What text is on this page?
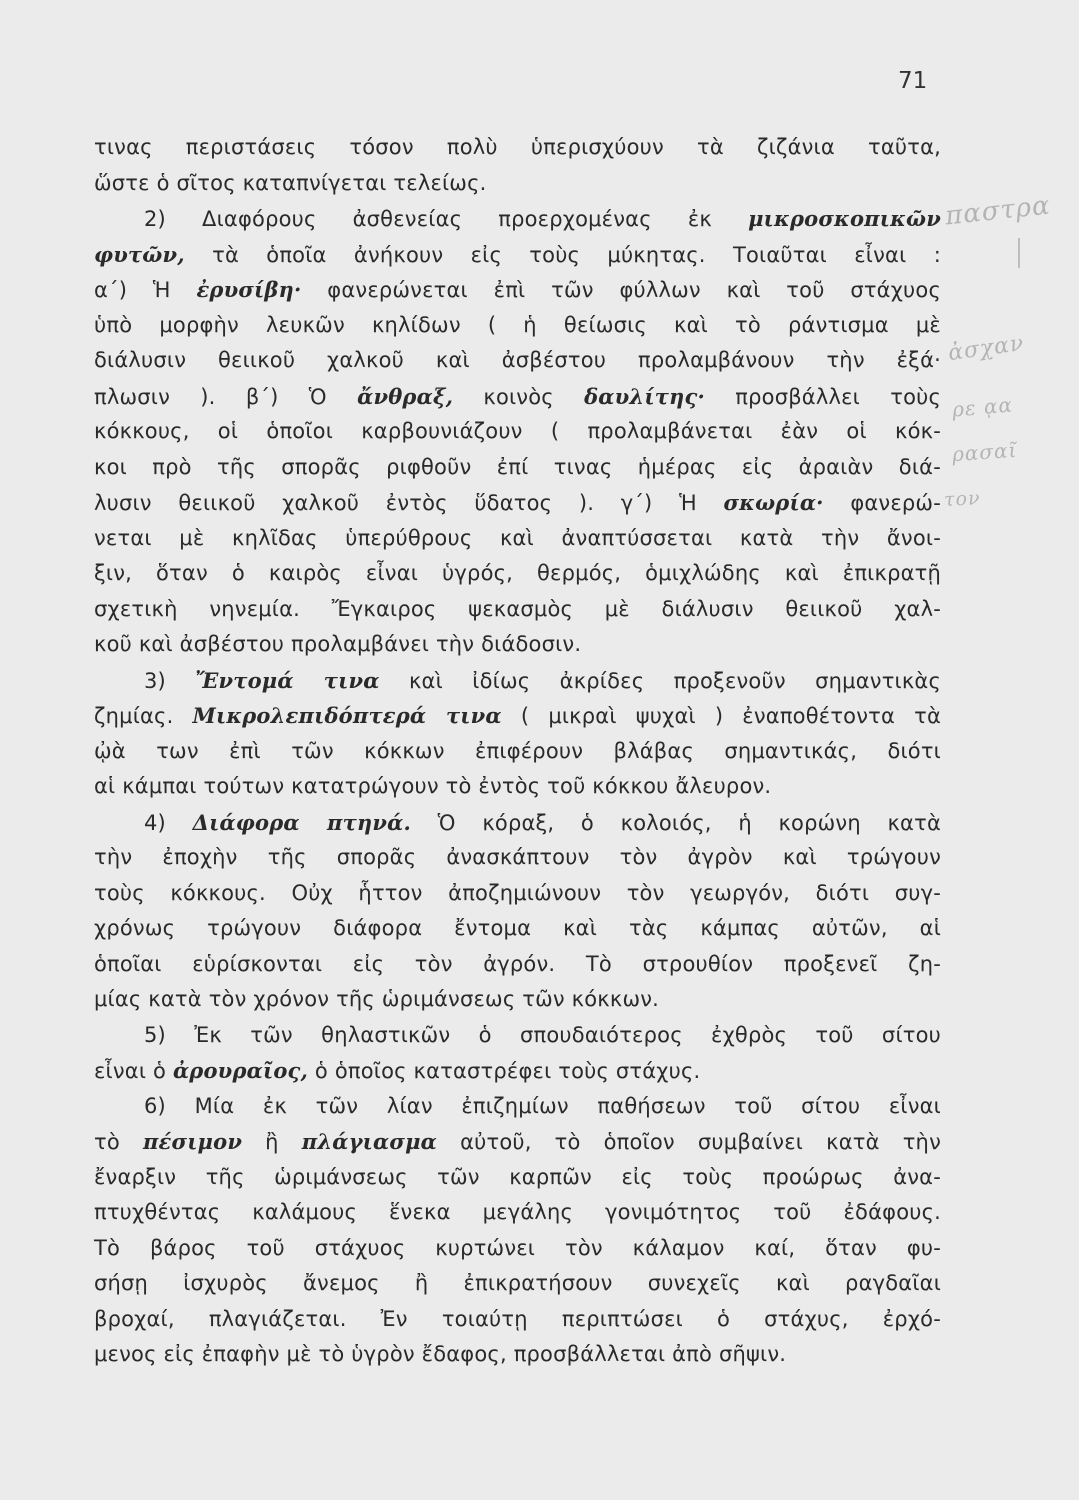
71
τινας περιστάσεις τόσον πολὺ ὑπερισχύουν τὰ ζιζάνια ταῦτα,
ὥστε ὁ σῖτος καταπνίγεται τελείως.
2) Διαφόρους ἀσθενείας προερχομένας ἐκ μικροσκοπικῶν
φυτῶν, τὰ ὁποῖα ἀνήκουν εἰς τοὺς μύκητας. Τοιαῦται εἶναι :
α΄) Ἡ ἐρυσίβη· φανερώνεται ἐπὶ τῶν φύλλων καὶ τοῦ στάχυος
ὑπὸ μορφὴν λευκῶν κηλίδων ( ἡ θείωσις καὶ τὸ ράντισμα μὲ
διάλυσιν θειικοῦ χαλκοῦ καὶ ἀσβέστου προλαμβάνουν τὴν ἐξά·
πλωσιν ). β΄) Ὁ ἄνθραξ, κοινὸς δαυλίτης· προσβάλλει τοὺς
κόκκους, οἱ ὁποῖοι καρβουνιάζουν ( προλαμβάνεται ἐὰν οἱ κόκ-
κοι πρὸ τῆς σπορᾶς ριφθοῦν ἐπί τινας ἡμέρας εἰς ἀραιὰν διά-
λυσιν θειικοῦ χαλκοῦ ἐντὸς ὕδατος ). γ΄) Ἡ σκωρία· φανερώ-
νεται μὲ κηλῖδας ὑπερύθρους καὶ ἀναπτύσσεται κατὰ τὴν ἄνοι-
ξιν, ὅταν ὁ καιρὸς εἶναι ὑγρός, θερμός, ὁμιχλώδης καὶ ἐπικρατῇ
σχετικὴ νηνεμία. Ἔγκαιρος ψεκασμὸς μὲ διάλυσιν θειικοῦ χαλ-
κοῦ καὶ ἀσβέστου προλαμβάνει τὴν διάδοσιν.
3) Ἔντομά τινα καὶ ἰδίως ἀκρίδες προξενοῦν σημαντικὰς
ζημίας. Μικρολεπιδόπτερά τινα ( μικραὶ ψυχαὶ ) ἐναποθέτοντα τὰ
ᾠὰ των ἐπὶ τῶν κόκκων ἐπιφέρουν βλάβας σημαντικάς, διότι
αἱ κάμπαι τούτων κατατρώγουν τὸ ἐντὸς τοῦ κόκκου ἄλευρον.
4) Διάφορα πτηνά. Ὁ κόραξ, ὁ κολοιός, ἡ κορώνη κατὰ
τὴν ἐποχὴν τῆς σπορᾶς ἀνασκάπτουν τὸν ἀγρὸν καὶ τρώγουν
τοὺς κόκκους. Οὐχ ἧττον ἀποζημιώνουν τὸν γεωργόν, διότι συγ-
χρόνως τρώγουν διάφορα ἔντομα καὶ τὰς κάμπας αὐτῶν, αἱ
ὁποῖαι εὑρίσκονται εἰς τὸν ἀγρόν. Τὸ στρουθίον προξενεῖ ζη-
μίας κατὰ τὸν χρόνον τῆς ὡριμάνσεως τῶν κόκκων.
5) Ἐκ τῶν θηλαστικῶν ὁ σπουδαιότερος ἐχθρὸς τοῦ σίτου
εἶναι ὁ ἀρουραῖος, ὁ ὁποῖος καταστρέφει τοὺς στάχυς.
6) Μία ἐκ τῶν λίαν ἐπιζημίων παθήσεων τοῦ σίτου εἶναι
τὸ πέσιμον ἢ πλάγιασμα αὐτοῦ, τὸ ὁποῖον συμβαίνει κατὰ τὴν
ἔναρξιν τῆς ὡριμάνσεως τῶν καρπῶν εἰς τοὺς προώρως ἀνα-
πτυχθέντας καλάμους ἕνεκα μεγάλης γονιμότητος τοῦ ἐδάφους.
Τὸ βάρος τοῦ στάχυος κυρτώνει τὸν κάλαμον καί, ὅταν φυ-
σήσῃ ἰσχυρὸς ἄνεμος ἢ ἐπικρατήσουν συνεχεῖς καὶ ραγδαῖαι
βροχαί, πλαγιάζεται. Ἐν τοιαύτῃ περιπτώσει ὁ στάχυς, ἐρχό-
μενος εἰς ἐπαφὴν μὲ τὸ ὑγρὸν ἔδαφος, προσβάλλεται ἀπὸ σῆψιν.
παστρα
ἀσχαν
ρε ᾳα
ρασαῖ
τον
